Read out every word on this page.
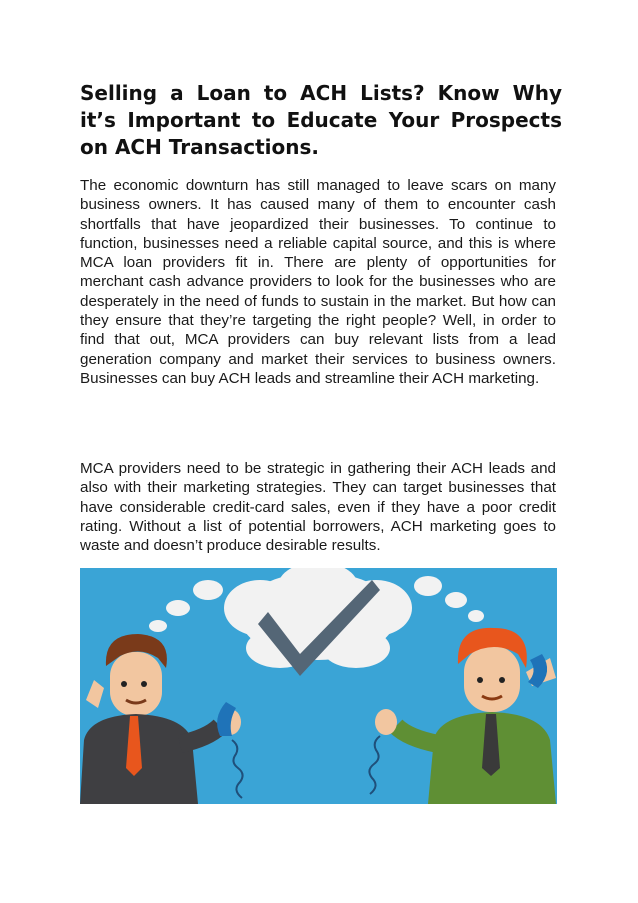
Selling a Loan to ACH Lists? Know Why it’s Important to Educate Your Prospects on ACH Transactions.

The economic downturn has still managed to leave scars on many business owners. It has caused many of them to encounter cash shortfalls that have jeopardized their businesses. To continue to function, businesses need a reliable capital source, and this is where MCA loan providers fit in. There are plenty of opportunities for merchant cash advance providers to look for the businesses who are desperately in the need of funds to sustain in the market. But how can they ensure that they’re targeting the right people? Well, in order to find that out, MCA providers can buy relevant lists from a lead generation company and market their services to business owners. Businesses can buy ACH leads and streamline their ACH marketing.

MCA providers need to be strategic in gathering their ACH leads and also with their marketing strategies. They can target businesses that have considerable credit-card sales, even if they have a poor credit rating. Without a list of potential borrowers, ACH marketing goes to waste and doesn’t produce desirable results.
